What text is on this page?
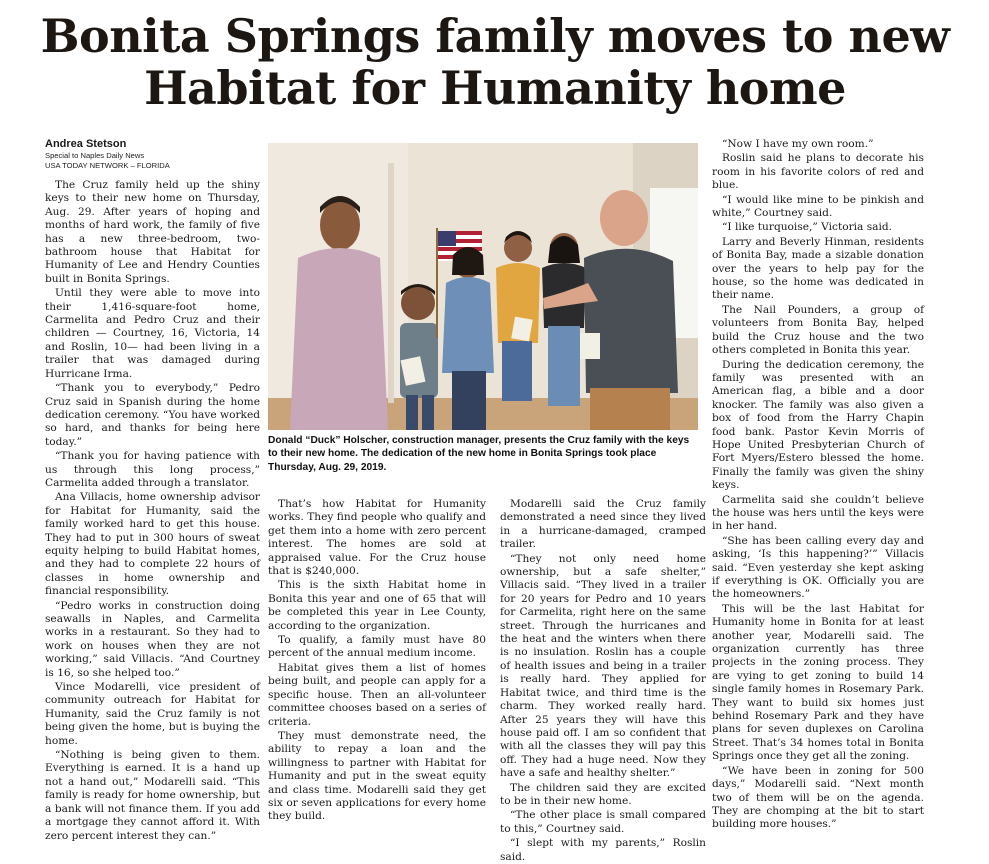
Bonita Springs family moves to new Habitat for Humanity home
Andrea Stetson
Special to Naples Daily News
USA TODAY NETWORK – FLORIDA

The Cruz family held up the shiny keys to their new home on Thursday, Aug. 29. After years of hoping and months of hard work, the family of five has a new three-bedroom, two-bathroom house that Habitat for Humanity of Lee and Hendry Counties built in Bonita Springs.

Until they were able to move into their 1,416-square-foot home, Carmelita and Pedro Cruz and their children — Courtney, 16, Victoria, 14 and Roslin, 10— had been living in a trailer that was damaged during Hurricane Irma.

“Thank you to everybody,” Pedro Cruz said in Spanish during the home dedication ceremony. “You have worked so hard, and thanks for being here today.”

“Thank you for having patience with us through this long process,” Carmelita added through a translator.

Ana Villacis, home ownership advisor for Habitat for Humanity, said the family worked hard to get this house. They had to put in 300 hours of sweat equity helping to build Habitat homes, and they had to complete 22 hours of classes in home ownership and financial responsibility.

“Pedro works in construction doing seawalls in Naples, and Carmelita works in a restaurant. So they had to work on houses when they are not working,” said Villacis. “And Courtney is 16, so she helped too.”

Vince Modarelli, vice president of community outreach for Habitat for Humanity, said the Cruz family is not being given the home, but is buying the home.

“Nothing is being given to them. Everything is earned. It is a hand up not a hand out,” Modarelli said. “This family is ready for home ownership, but a bank will not finance them. If you add a mortgage they cannot afford it. With zero percent interest they can.”

Donald “Duck” Holscher, construction manager, presents the Cruz family with the keys to their new home. The dedication of the new home in Bonita Springs took place Thursday, Aug. 29, 2019.

That’s how Habitat for Humanity works. They find people who qualify and get them into a home with zero percent interest. The homes are sold at appraised value. For the Cruz house that is $240,000.

This is the sixth Habitat home in Bonita this year and one of 65 that will be completed this year in Lee County, according to the organization.

To qualify, a family must have 80 percent of the annual medium income.

Habitat gives them a list of homes being built, and people can apply for a specific house. Then an all-volunteer committee chooses based on a series of criteria.

They must demonstrate need, the ability to repay a loan and the willingness to partner with Habitat for Humanity and put in the sweat equity and class time. Modarelli said they get six or seven applications for every home they build.

Modarelli said the Cruz family demonstrated a need since they lived in a hurricane-damaged, cramped trailer.

“They not only need home ownership, but a safe shelter,” Villacis said. “They lived in a trailer for 20 years for Pedro and 10 years for Carmelita, right here on the same street. Through the hurricanes and the heat and the winters when there is no insulation. Roslin has a couple of health issues and being in a trailer is really hard. They applied for Habitat twice, and third time is the charm. They worked really hard. After 25 years they will have this house paid off. I am so confident that with all the classes they will pay this off. They had a huge need. Now they have a safe and healthy shelter.”

The children said they are excited to be in their new home.

“The other place is small compared to this,” Courtney said.

“I slept with my parents,” Roslin said.

“Now I have my own room.”

Roslin said he plans to decorate his room in his favorite colors of red and blue.

“I would like mine to be pinkish and white,” Courtney said.

“I like turquoise,” Victoria said.

Larry and Beverly Hinman, residents of Bonita Bay, made a sizable donation over the years to help pay for the house, so the home was dedicated in their name.

The Nail Pounders, a group of volunteers from Bonita Bay, helped build the Cruz house and the two others completed in Bonita this year.

During the dedication ceremony, the family was presented with an American flag, a bible and a door knocker. The family was also given a box of food from the Harry Chapin food bank. Pastor Kevin Morris of Hope United Presbyterian Church of Fort Myers/Estero blessed the home. Finally the family was given the shiny keys.

Carmelita said she couldn’t believe the house was hers until the keys were in her hand.

“She has been calling every day and asking, ‘Is this happening?’” Villacis said. “Even yesterday she kept asking if everything is OK. Officially you are the homeowners.”

This will be the last Habitat for Humanity home in Bonita for at least another year, Modarelli said. The organization currently has three projects in the zoning process. They are vying to get zoning to build 14 single family homes in Rosemary Park. They want to build six homes just behind Rosemary Park and they have plans for seven duplexes on Carolina Street. That’s 34 homes total in Bonita Springs once they get all the zoning.

“We have been in zoning for 500 days,” Modarelli said. “Next month two of them will be on the agenda. They are chomping at the bit to start building more houses.”
